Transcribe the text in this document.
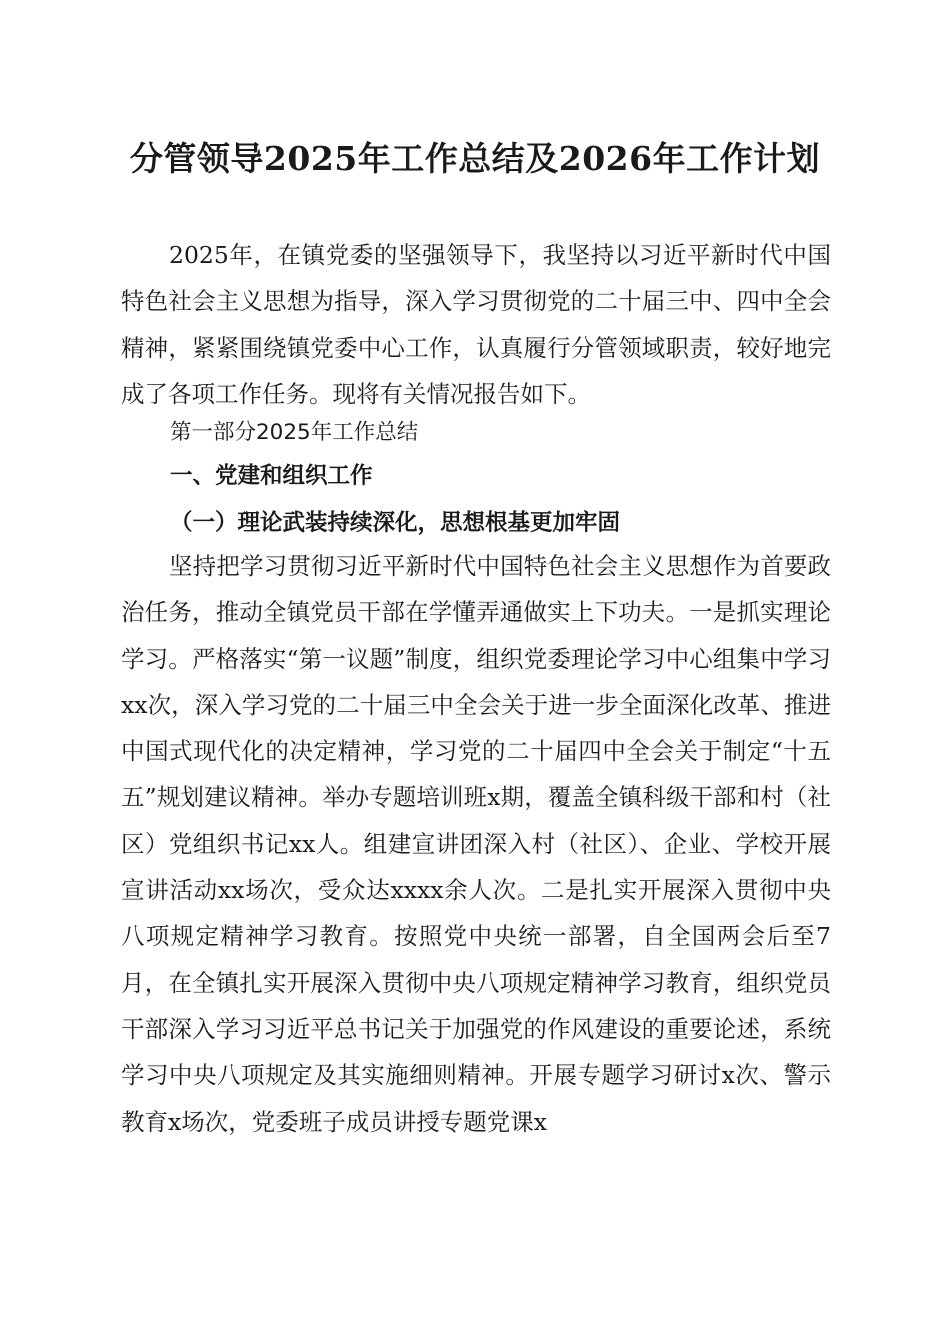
分管领导2025年工作总结及2026年工作计划

2025年，在镇党委的坚强领导下，我坚持以习近平新时代中国特色社会主义思想为指导，深入学习贯彻党的二十届三中、四中全会精神，紧紧围绕镇党委中心工作，认真履行分管领域职责，较好地完成了各项工作任务。现将有关情况报告如下。

第一部分2025年工作总结

一、党建和组织工作

（一）理论武装持续深化，思想根基更加牢固

坚持把学习贯彻习近平新时代中国特色社会主义思想作为首要政治任务，推动全镇党员干部在学懂弄通做实上下功夫。一是抓实理论学习。严格落实“第一议题”制度，组织党委理论学习中心组集中学习xx次，深入学习党的二十届三中全会关于进一步全面深化改革、推进中国式现代化的决定精神，学习党的二十届四中全会关于制定“十五五”规划建议精神。举办专题培训班x期，覆盖全镇科级干部和村（社区）党组织书记xx人。组建宣讲团深入村（社区）、企业、学校开展宣讲活动xx场次，受众达xxxx余人次。二是扎实开展深入贯彻中央八项规定精神学习教育。按照党中央统一部署，自全国两会后至7月，在全镇扎实开展深入贯彻中央八项规定精神学习教育，组织党员干部深入学习习近平总书记关于加强党的作风建设的重要论述，系统学习中央八项规定及其实施细则精神。开展专题学习研讨x次、警示教育x场次，党委班子成员讲授专题党课x
